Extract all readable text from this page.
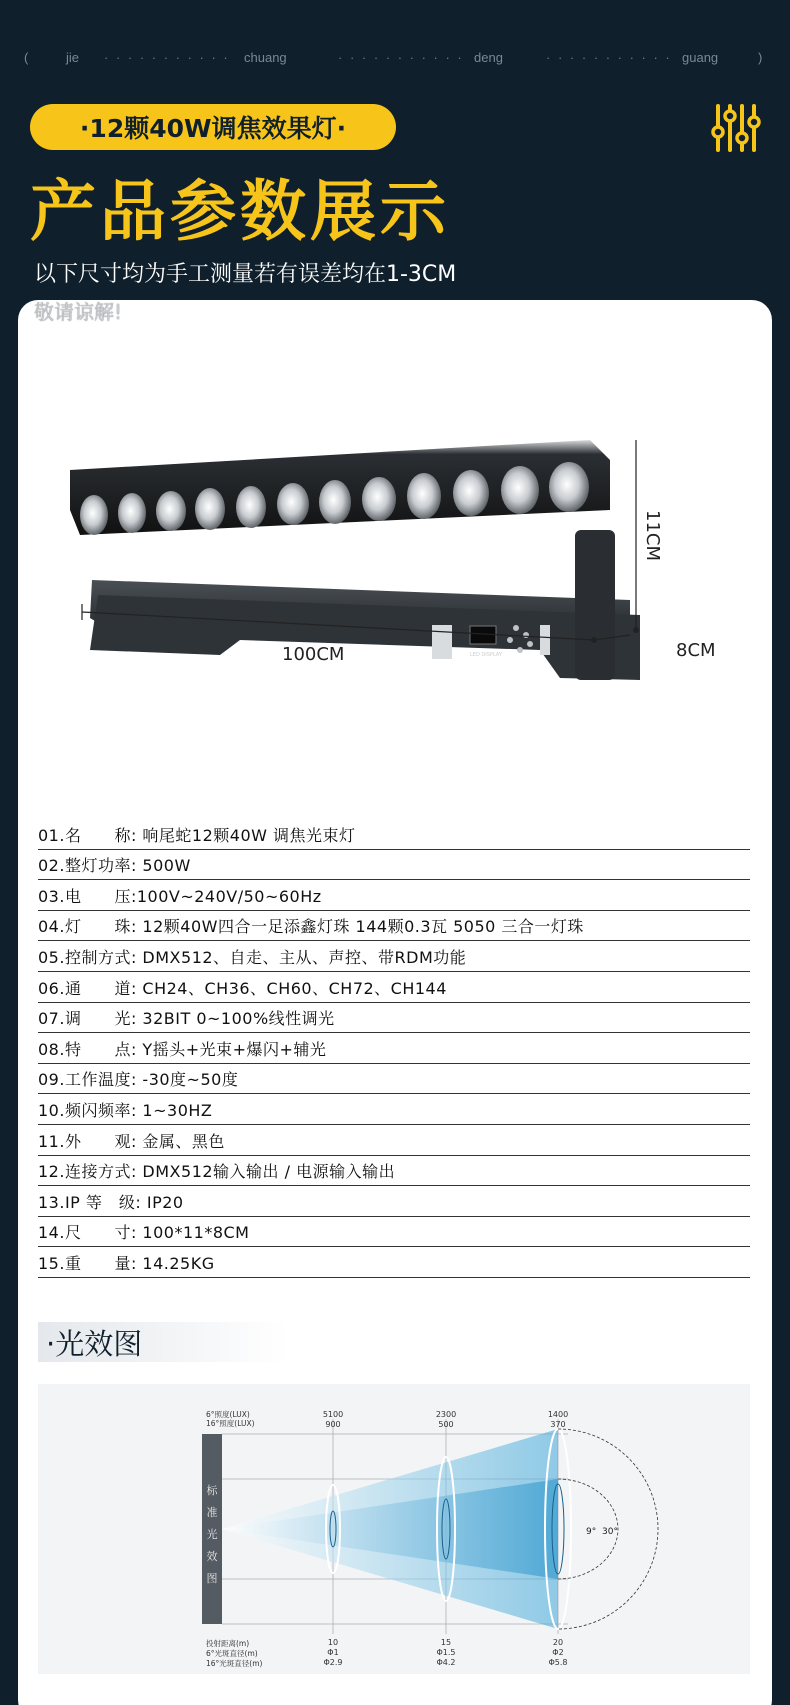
(	jie · · · · · · · · · · · chuang	· · · · · · · · · · · deng	· · · · · · · · · · · guang	)
·12颗40W调焦效果灯·
产品参数展示
以下尺寸均为手工测量若有误差均在1-3CM
敬请谅解!
LED DISPLAY
100CM
11CM
8CM
01.名　　称: 响尾蛇12颗40W 调焦光束灯
02.整灯功率: 500W
03.电　　压:100V~240V/50~60Hz
04.灯　　珠: 12颗40W四合一足添鑫灯珠 144颗0.3瓦 5050 三合一灯珠
05.控制方式: DMX512、自走、主从、声控、带RDM功能
06.通　　道: CH24、CH36、CH60、CH72、CH144
07.调　　光: 32BIT 0~100%线性调光
08.特　　点: Y摇头+光束+爆闪+辅光
09.工作温度: -30度~50度
10.频闪频率: 1~30HZ
11.外　　观: 金属、黑色
12.连接方式: DMX512输入输出 / 电源输入输出
13.IP 等　级: IP20
14.尺　　寸: 100*11*8CM
15.重　　量: 14.25KG
·光效图
标
准
光
效
图
9° 30°
6°照度(LUX)
16°照度(LUX)
5100
900
2300
500
1400
370
投射距离(m)
6°光斑直径(m)
16°光斑直径(m)
10
Φ1
Φ2.9
15
Φ1.5
Φ4.2
20
Φ2
Φ5.8
